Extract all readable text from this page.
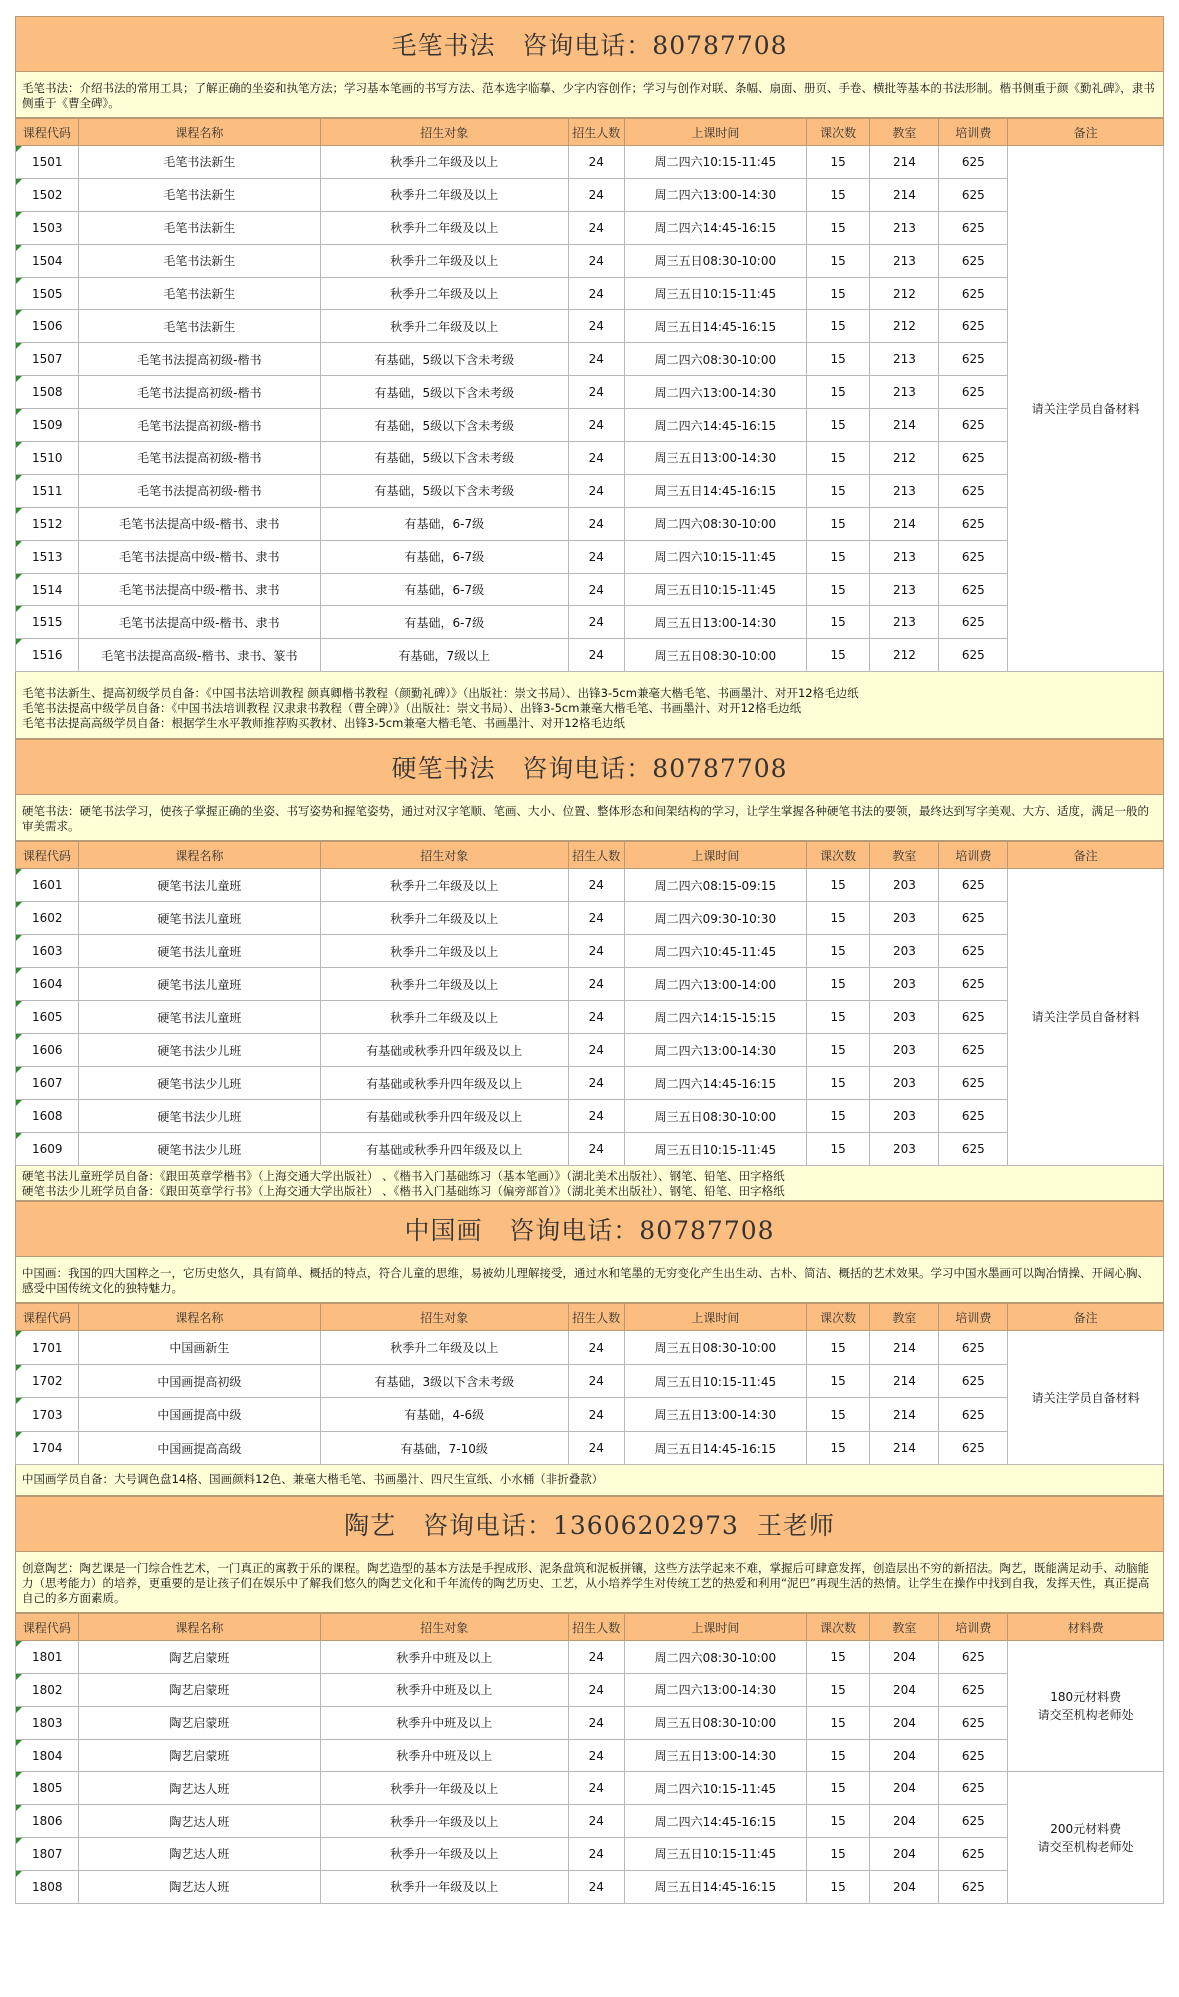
毛笔书法   咨询电话：80787708
毛笔书法：介绍书法的常用工具；了解正确的坐姿和执笔方法；学习基本笔画的书写方法、范本选字临摹、少字内容创作；学习与创作对联、条幅、扇面、册页、手卷、横批等基本的书法形制。楷书侧重于颜《勤礼碑》，隶书侧重于《曹全碑》。
课程代码	课程名称	招生对象	招生人数	上课时间	课次数	教室	培训费	备注
1501	毛笔书法新生	秋季升二年级及以上	24	周二四六10:15-11:45	15	214	625	请关注学员自备材料
1502	毛笔书法新生	秋季升二年级及以上	24	周二四六13:00-14:30	15	214	625	
1503	毛笔书法新生	秋季升二年级及以上	24	周二四六14:45-16:15	15	213	625	
1504	毛笔书法新生	秋季升二年级及以上	24	周三五日08:30-10:00	15	213	625	
1505	毛笔书法新生	秋季升二年级及以上	24	周三五日10:15-11:45	15	212	625	
1506	毛笔书法新生	秋季升二年级及以上	24	周三五日14:45-16:15	15	212	625	
1507	毛笔书法提高初级-楷书	有基础，5级以下含未考级	24	周二四六08:30-10:00	15	213	625	
1508	毛笔书法提高初级-楷书	有基础，5级以下含未考级	24	周二四六13:00-14:30	15	213	625	
1509	毛笔书法提高初级-楷书	有基础，5级以下含未考级	24	周二四六14:45-16:15	15	214	625	
1510	毛笔书法提高初级-楷书	有基础，5级以下含未考级	24	周三五日13:00-14:30	15	212	625	
1511	毛笔书法提高初级-楷书	有基础，5级以下含未考级	24	周三五日14:45-16:15	15	213	625	
1512	毛笔书法提高中级-楷书、隶书	有基础，6-7级	24	周二四六08:30-10:00	15	214	625	
1513	毛笔书法提高中级-楷书、隶书	有基础，6-7级	24	周二四六10:15-11:45	15	213	625	
1514	毛笔书法提高中级-楷书、隶书	有基础，6-7级	24	周三五日10:15-11:45	15	213	625	
1515	毛笔书法提高中级-楷书、隶书	有基础，6-7级	24	周三五日13:00-14:30	15	213	625	
1516	毛笔书法提高高级-楷书、隶书、篆书	有基础，7级以上	24	周三五日08:30-10:00	15	212	625	
毛笔书法新生、提高初级学员自备：《中国书法培训教程 颜真卿楷书教程（颜勤礼碑）》（出版社：崇文书局）、出锋3-5cm兼毫大楷毛笔、书画墨汁、对开12格毛边纸
毛笔书法提高中级学员自备：《中国书法培训教程 汉隶隶书教程（曹全碑）》（出版社：崇文书局）、出锋3-5cm兼毫大楷毛笔、书画墨汁、对开12格毛边纸
毛笔书法提高高级学员自备：根据学生水平教师推荐购买教材、出锋3-5cm兼毫大楷毛笔、书画墨汁、对开12格毛边纸
硬笔书法   咨询电话：80787708
硬笔书法：硬笔书法学习，使孩子掌握正确的坐姿、书写姿势和握笔姿势，通过对汉字笔顺、笔画、大小、位置、整体形态和间架结构的学习，让学生掌握各种硬笔书法的要领，最终达到写字美观、大方、适度，满足一般的审美需求。
课程代码	课程名称	招生对象	招生人数	上课时间	课次数	教室	培训费	备注
1601	硬笔书法儿童班	秋季升二年级及以上	24	周二四六08:15-09:15	15	203	625	请关注学员自备材料
1602	硬笔书法儿童班	秋季升二年级及以上	24	周二四六09:30-10:30	15	203	625	
1603	硬笔书法儿童班	秋季升二年级及以上	24	周二四六10:45-11:45	15	203	625	
1604	硬笔书法儿童班	秋季升二年级及以上	24	周二四六13:00-14:00	15	203	625	
1605	硬笔书法儿童班	秋季升二年级及以上	24	周二四六14:15-15:15	15	203	625	
1606	硬笔书法少儿班	有基础或秋季升四年级及以上	24	周二四六13:00-14:30	15	203	625	
1607	硬笔书法少儿班	有基础或秋季升四年级及以上	24	周二四六14:45-16:15	15	203	625	
1608	硬笔书法少儿班	有基础或秋季升四年级及以上	24	周三五日08:30-10:00	15	203	625	
1609	硬笔书法少儿班	有基础或秋季升四年级及以上	24	周三五日10:15-11:45	15	203	625	
硬笔书法儿童班学员自备：《跟田英章学楷书》（上海交通大学出版社） 、《楷书入门基础练习（基本笔画）》（湖北美术出版社）、钢笔、铅笔、田字格纸
硬笔书法少儿班学员自备：《跟田英章学行书》（上海交通大学出版社） 、《楷书入门基础练习（偏旁部首）》（湖北美术出版社）、钢笔、铅笔、田字格纸
中国画   咨询电话：80787708
中国画：我国的四大国粹之一，它历史悠久，具有简单、概括的特点，符合儿童的思维，易被幼儿理解接受，通过水和笔墨的无穷变化产生出生动、古朴、简洁、概括的艺术效果。学习中国水墨画可以陶冶情操、开阔心胸、感受中国传统文化的独特魅力。
课程代码	课程名称	招生对象	招生人数	上课时间	课次数	教室	培训费	备注
1701	中国画新生	秋季升二年级及以上	24	周三五日08:30-10:00	15	214	625	请关注学员自备材料
1702	中国画提高初级	有基础，3级以下含未考级	24	周三五日10:15-11:45	15	214	625	
1703	中国画提高中级	有基础，4-6级	24	周三五日13:00-14:30	15	214	625	
1704	中国画提高高级	有基础，7-10级	24	周三五日14:45-16:15	15	214	625	
中国画学员自备：大号调色盘14格、国画颜料12色、兼毫大楷毛笔、书画墨汁、四尺生宣纸、小水桶（非折叠款）
陶艺   咨询电话：13606202973  王老师
创意陶艺：陶艺课是一门综合性艺术，一门真正的寓教于乐的课程。陶艺造型的基本方法是手捏成形、泥条盘筑和泥板拼镶，这些方法学起来不难，掌握后可肆意发挥，创造层出不穷的新招法。陶艺，既能满足动手、动脑能力（思考能力）的培养，更重要的是让孩子们在娱乐中了解我们悠久的陶艺文化和千年流传的陶艺历史、工艺，从小培养学生对传统工艺的热爱和利用“泥巴”再现生活的热情。让学生在操作中找到自我，发挥天性，真正提高自己的多方面素质。
课程代码	课程名称	招生对象	招生人数	上课时间	课次数	教室	培训费	材料费
1801	陶艺启蒙班	秋季升中班及以上	24	周二四六08:30-10:00	15	204	625	180元材料费
请交至机构老师处
1802	陶艺启蒙班	秋季升中班及以上	24	周二四六13:00-14:30	15	204	625	
1803	陶艺启蒙班	秋季升中班及以上	24	周三五日08:30-10:00	15	204	625	
1804	陶艺启蒙班	秋季升中班及以上	24	周三五日13:00-14:30	15	204	625	
1805	陶艺达人班	秋季升一年级及以上	24	周二四六10:15-11:45	15	204	625	200元材料费
请交至机构老师处
1806	陶艺达人班	秋季升一年级及以上	24	周二四六14:45-16:15	15	204	625	
1807	陶艺达人班	秋季升一年级及以上	24	周三五日10:15-11:45	15	204	625	
1808	陶艺达人班	秋季升一年级及以上	24	周三五日14:45-16:15	15	204	625	
